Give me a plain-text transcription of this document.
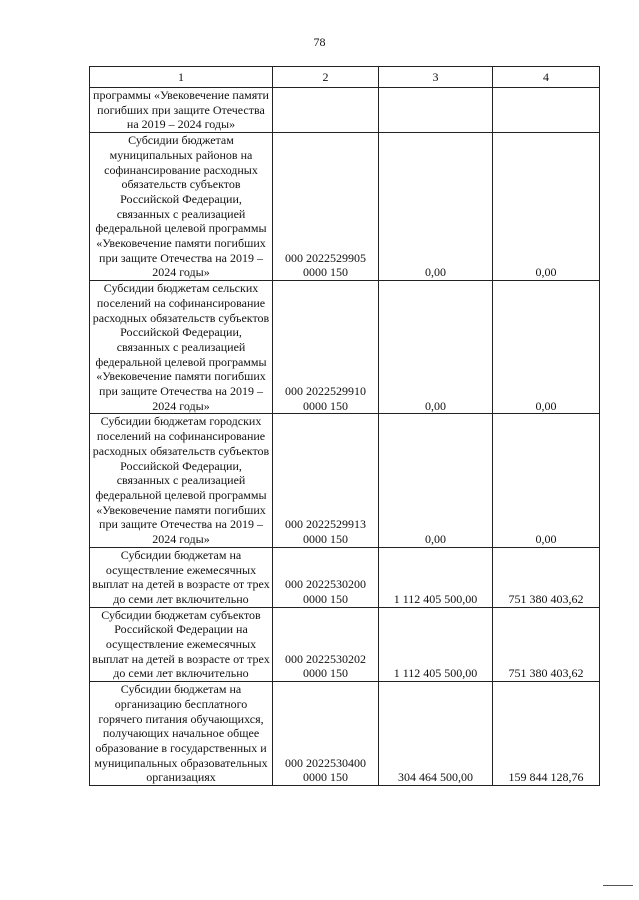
78
1	2	3	4
программы «Увековечение памяти погибших при защите Отечества на 2019 – 2024 годы»			
Субсидии бюджетам муниципальных районов на софинансирование расходных обязательств субъектов Российской Федерации, связанных с реализацией федеральной целевой программы «Увековечение памяти погибших при защите Отечества на 2019 – 2024 годы»	000 2022529905 0000 150	0,00	0,00
Субсидии бюджетам сельских поселений на софинансирование расходных обязательств субъектов Российской Федерации, связанных с реализацией федеральной целевой программы «Увековечение памяти погибших при защите Отечества на 2019 – 2024 годы»	000 2022529910 0000 150	0,00	0,00
Субсидии бюджетам городских поселений на софинансирование расходных обязательств субъектов Российской Федерации, связанных с реализацией федеральной целевой программы «Увековечение памяти погибших при защите Отечества на 2019 – 2024 годы»	000 2022529913 0000 150	0,00	0,00
Субсидии бюджетам на осуществление ежемесячных выплат на детей в возрасте от трех до семи лет включительно	000 2022530200 0000 150	1 112 405 500,00	751 380 403,62
Субсидии бюджетам субъектов Российской Федерации на осуществление ежемесячных выплат на детей в возрасте от трех до семи лет включительно	000 2022530202 0000 150	1 112 405 500,00	751 380 403,62
Субсидии бюджетам на организацию бесплатного горячего питания обучающихся, получающих начальное общее образование в государственных и муниципальных образовательных организациях	000 2022530400 0000 150	304 464 500,00	159 844 128,76
